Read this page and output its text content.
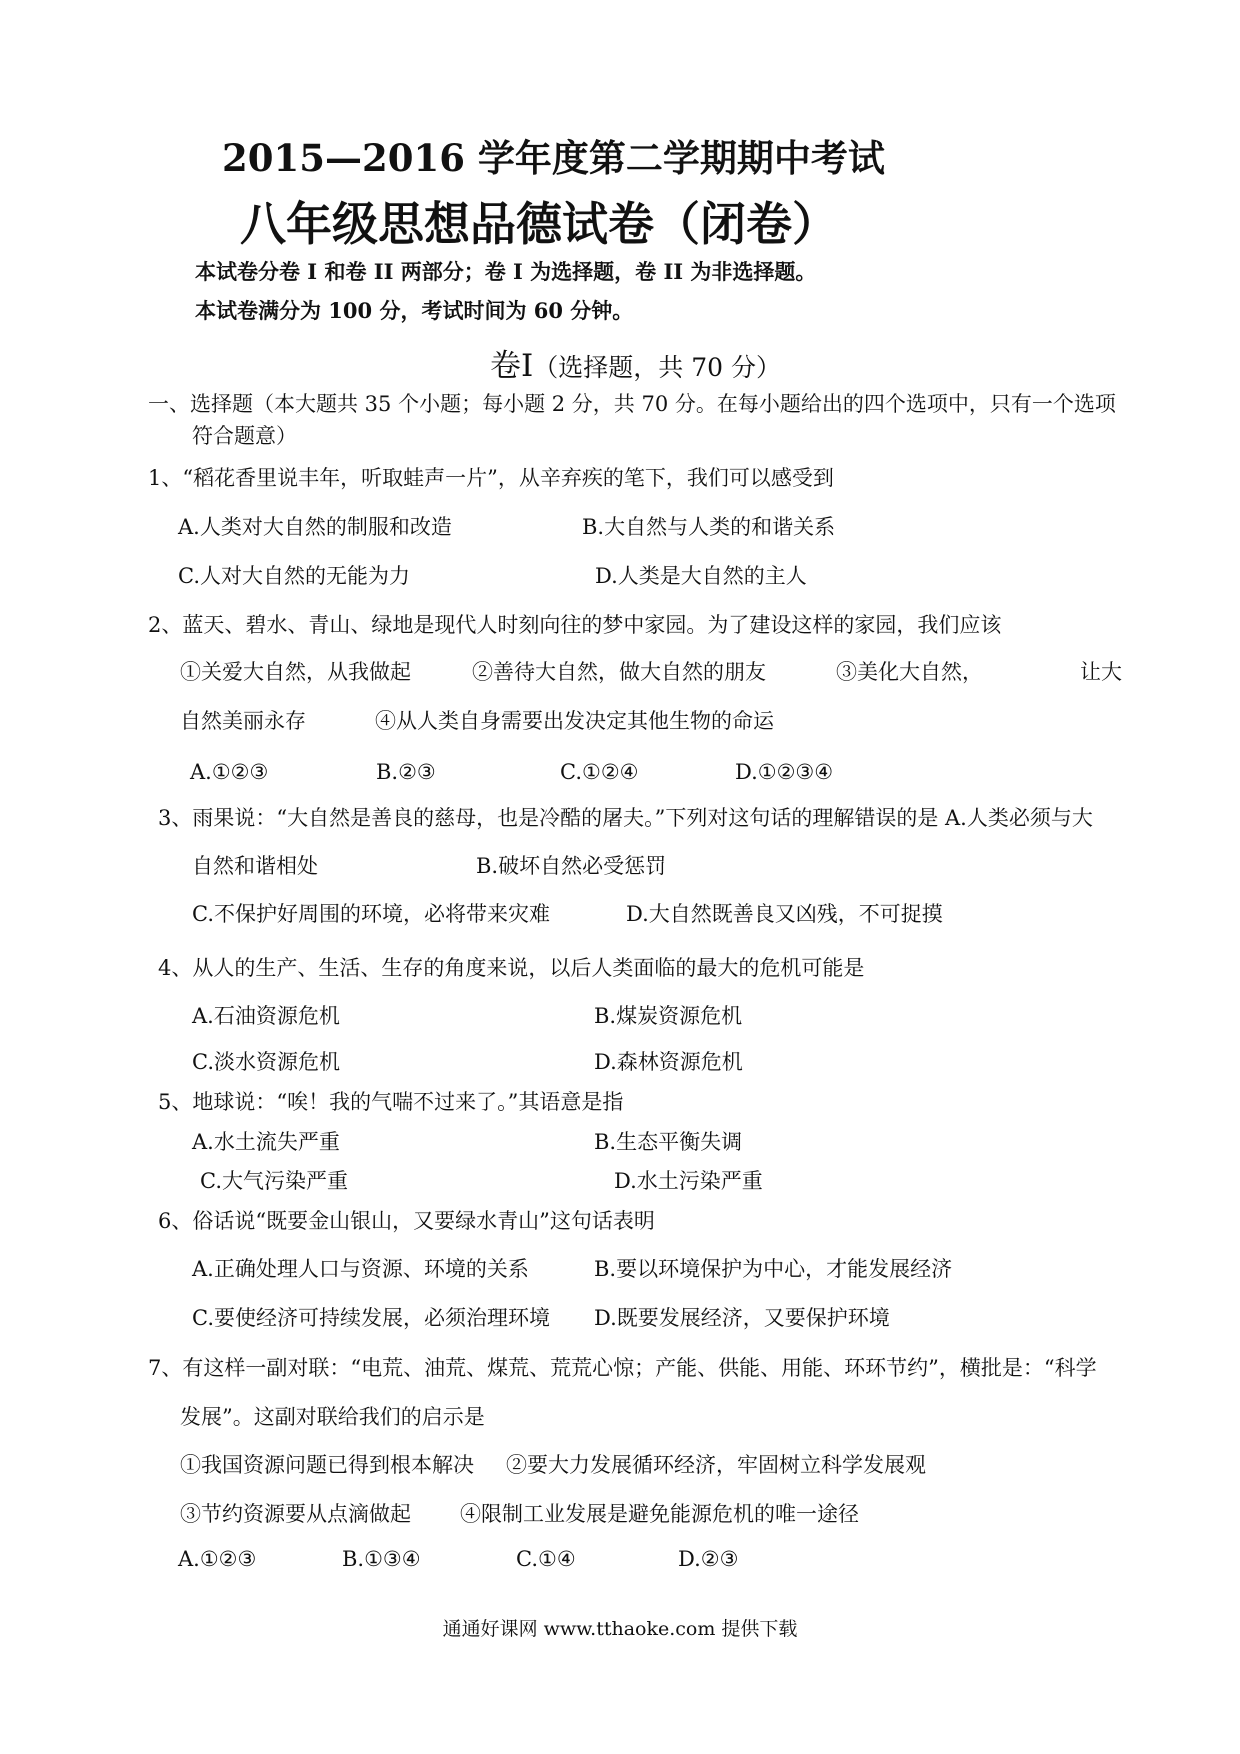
2015—2016 学年度第二学期期中考试
八年级思想品德试卷（闭卷）
本试卷分卷 I 和卷 II 两部分；卷 I 为选择题，卷 II 为非选择题。
本试卷满分为 100 分，考试时间为 60 分钟。
卷Ⅰ（选择题，共 70 分）
一、选择题（本大题共 35 个小题；每小题 2 分，共 70 分。在每小题给出的四个选项中，只有一个选项
符合题意）
1、“稻花香里说丰年，听取蛙声一片”，从辛弃疾的笔下，我们可以感受到
A.人类对大自然的制服和改造	B.大自然与人类的和谐关系
C.人对大自然的无能为力	D.人类是大自然的主人
2、蓝天、碧水、青山、绿地是现代人时刻向往的梦中家园。为了建设这样的家园，我们应该
①关爱大自然，从我做起	②善待大自然，做大自然的朋友	③美化大自然，	让大
自然美丽永存	④从人类自身需要出发决定其他生物的命运
A.①②③	B.②③	C.①②④	D.①②③④
3、雨果说：“大自然是善良的慈母，也是冷酷的屠夫。”下列对这句话的理解错误的是 A.人类必须与大
自然和谐相处	B.破坏自然必受惩罚
C.不保护好周围的环境，必将带来灾难	D.大自然既善良又凶残，不可捉摸
4、从人的生产、生活、生存的角度来说，以后人类面临的最大的危机可能是
A.石油资源危机	B.煤炭资源危机
C.淡水资源危机	D.森林资源危机
5、地球说：“唉！我的气喘不过来了。”其语意是指
A.水土流失严重	B.生态平衡失调
C.大气污染严重	D.水土污染严重
6、俗话说“既要金山银山，又要绿水青山”这句话表明
A.正确处理人口与资源、环境的关系	B.要以环境保护为中心，才能发展经济
C.要使经济可持续发展，必须治理环境 D.既要发展经济，又要保护环境
7、有这样一副对联：“电荒、油荒、煤荒、荒荒心惊；产能、供能、用能、环环节约”，横批是：“科学
发展”。这副对联给我们的启示是
①我国资源问题已得到根本解决 ②要大力发展循环经济，牢固树立科学发展观
③节约资源要从点滴做起 ④限制工业发展是避免能源危机的唯一途径
A.①②③	B.①③④	C.①④	D.②③
通通好课网 www.tthaoke.com 提供下载
